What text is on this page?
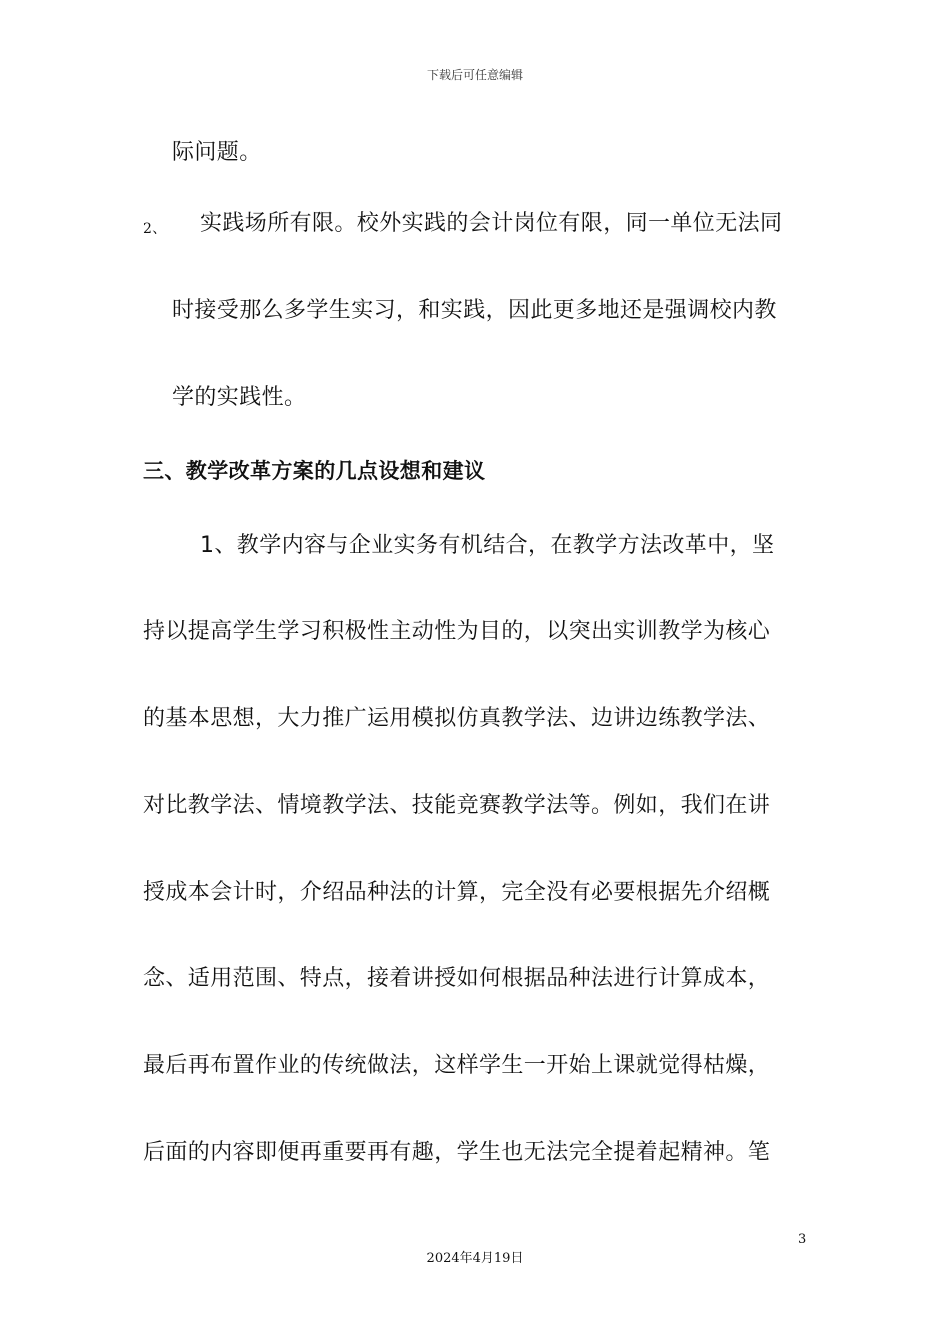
下载后可任意编辑
际问题。
2、 实践场所有限。校外实践的会计岗位有限，同一单位无法同
时接受那么多学生实习，和实践，因此更多地还是强调校内教
学的实践性。
三、教学改革方案的几点设想和建议
1、教学内容与企业实务有机结合，在教学方法改革中，坚
持以提高学生学习积极性主动性为目的，以突出实训教学为核心
的基本思想，大力推广运用模拟仿真教学法、边讲边练教学法、
对比教学法、情境教学法、技能竞赛教学法等。例如，我们在讲
授成本会计时，介绍品种法的计算，完全没有必要根据先介绍概
念、适用范围、特点，接着讲授如何根据品种法进行计算成本，
最后再布置作业的传统做法，这样学生一开始上课就觉得枯燥，
后面的内容即便再重要再有趣，学生也无法完全提着起精神。笔
3
2024年4月19日
